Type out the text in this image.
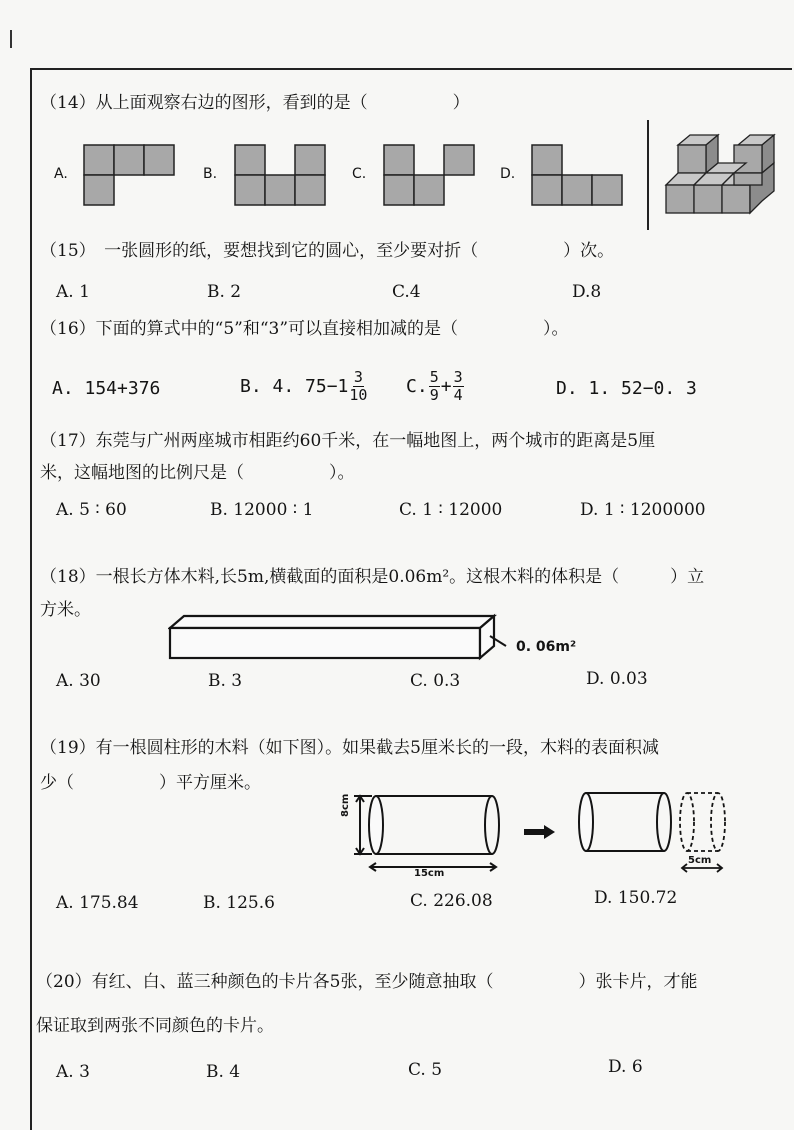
（14）从上面观察右边的图形，看到的是（　　　　　）
A.	B.	C.	D.
（15）　一张圆形的纸，要想找到它的圆心，至少要对折（　　　　　）次。
A. 1	B. 2	C.4	D.8
（16）下面的算式中的“5”和“3”可以直接相加减的是（　　　　　）。
A. 154+376	B. 4. $75-1 \frac{3}{10} C$. $\frac{5}{9} + \frac{3}{4}$	D. 1. 52−0. 3
（17）东莞与广州两座城市相距约60千米，在一幅地图上，两个城市的距离是5厘
米，这幅地图的比例尺是（　　　　　）。
A. 5 ∶ 60	B. 12000 ∶ 1	C. 1 ∶ 12000	D. 1 ∶ 1200000
（18）一根长方体木料,长5m,横截面的面积是0.06m²。这根木料的体积是（　　　）立
方米。
0. 06m²
A. 30	B. 3	C. 0.3	D. 0.03
（19）有一根圆柱形的木料（如下图）。如果截去5厘米长的一段，木料的表面积减
少（　　　　　）平方厘米。
8cm
15cm
5cm
A. 175.84	B. 125.6	C. 226.08	D. 150.72
（20）有红、白、蓝三种颜色的卡片各5张，至少随意抽取（　　　　　）张卡片，才能
保证取到两张不同颜色的卡片。
A. 3	B. 4	C. 5	D. 6
